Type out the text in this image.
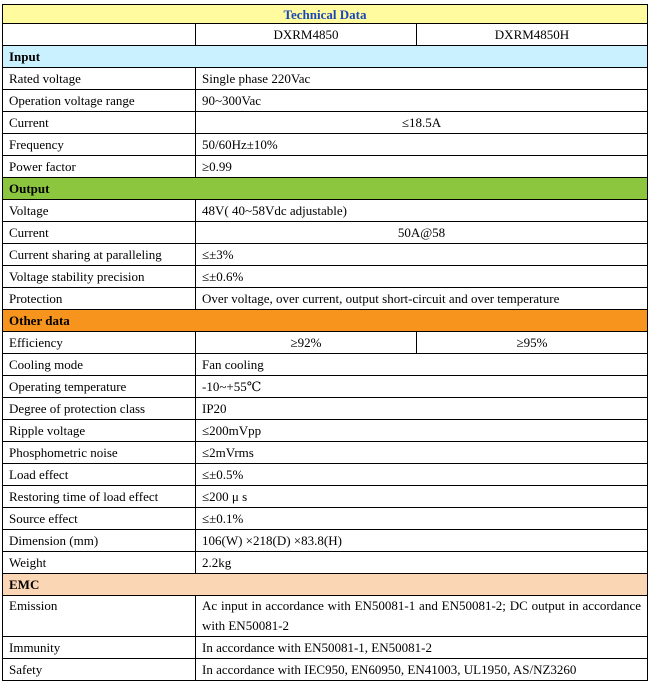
Technical Data		
	DXRM4850	DXRM4850H
Input		
Rated voltage	Single phase 220Vac	
Operation voltage range	90~300Vac	
Current	≤18.5A	
Frequency	50/60Hz±10%	
Power factor	≥0.99	
Output		
Voltage	48V( 40~58Vdc adjustable)	
Current	50A@58	
Current sharing at paralleling	≤±3%	
Voltage stability precision	≤±0.6%	
Protection	Over voltage, over current, output short-circuit and over temperature	
Other data		
Efficiency	≥92%	≥95%
Cooling mode	Fan cooling	
Operating temperature	-10~+55℃	
Degree of protection class	IP20	
Ripple voltage	≤200mVpp	
Phosphometric noise	≤2mVrms	
Load effect	≤±0.5%	
Restoring time of load effect	≤200 μ s	
Source effect	≤±0.1%	
Dimension (mm)	106(W) ×218(D) ×83.8(H)	
Weight	2.2kg	
EMC		
Emission	Ac input in accordance with EN50081-1 and EN50081-2; DC output in accordance with EN50081-2	
Immunity	In accordance with EN50081-1, EN50081-2	
Safety	In accordance with IEC950, EN60950, EN41003, UL1950, AS/NZ3260	
